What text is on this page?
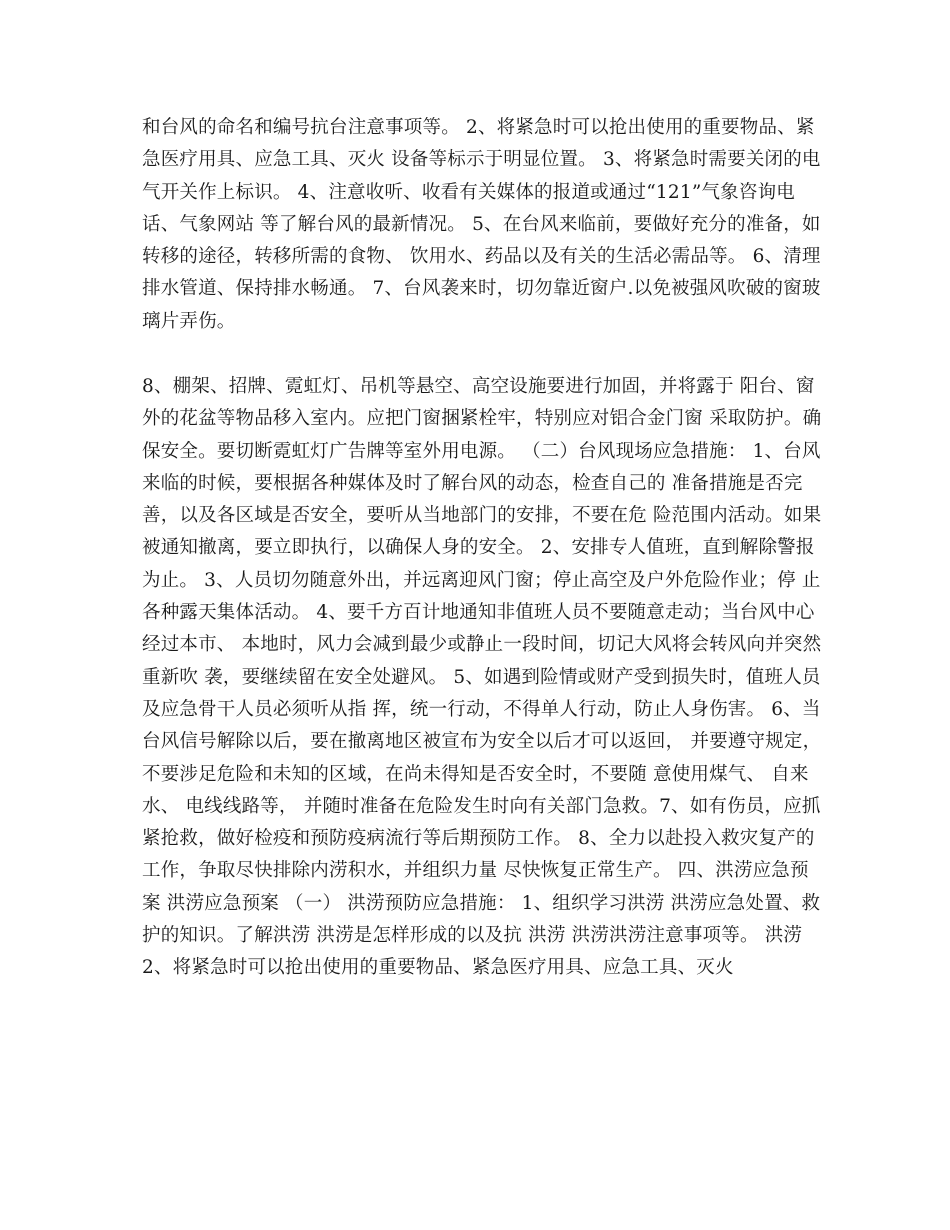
和台风的命名和编号抗台注意事项等。 2、将紧急时可以抢出使用的重要物品、紧急医疗用具、应急工具、灭火 设备等标示于明显位置。 3、将紧急时需要关闭的电气开关作上标识。 4、注意收听、收看有关媒体的报道或通过“121”气象咨询电话、气象网站 等了解台风的最新情况。 5、在台风来临前，要做好充分的准备，如转移的途径，转移所需的食物、 饮用水、药品以及有关的生活必需品等。 6、清理排水管道、保持排水畅通。 7、台风袭来时，切勿靠近窗户.以免被强风吹破的窗玻璃片弄伤。
8、棚架、招牌、霓虹灯、吊机等悬空、高空设施要进行加固，并将露于 阳台、窗外的花盆等物品移入室内。应把门窗捆紧栓牢，特别应对铝合金门窗 采取防护。确保安全。要切断霓虹灯广告牌等室外用电源。 （二）台风现场应急措施： 1、台风来临的时候，要根据各种媒体及时了解台风的动态，检查自己的 准备措施是否完善，以及各区域是否安全，要听从当地部门的安排，不要在危 险范围内活动。如果被通知撤离，要立即执行，以确保人身的安全。 2、安排专人值班，直到解除警报为止。 3、人员切勿随意外出，并远离迎风门窗；停止高空及户外危险作业；停 止各种露天集体活动。 4、要千方百计地通知非值班人员不要随意走动；当台风中心经过本市、 本地时，风力会减到最少或静止一段时间，切记大风将会转风向并突然重新吹 袭，要继续留在安全处避风。 5、如遇到险情或财产受到损失时，值班人员及应急骨干人员必须听从指 挥，统一行动，不得单人行动，防止人身伤害。 6、当台风信号解除以后，要在撤离地区被宣布为安全以后才可以返回， 并要遵守规定，不要涉足危险和未知的区域，在尚未得知是否安全时，不要随 意使用煤气、 自来水、 电线线路等， 并随时准备在危险发生时向有关部门急救。7、如有伤员，应抓紧抢救，做好检疫和预防疫病流行等后期预防工作。 8、全力以赴投入救灾复产的工作，争取尽快排除内涝积水，并组织力量 尽快恢复正常生产。 四、洪涝应急预案 洪涝应急预案 （一） 洪涝预防应急措施： 1、组织学习洪涝 洪涝应急处置、救护的知识。了解洪涝 洪涝是怎样形成的以及抗 洪涝 洪涝洪涝注意事项等。 洪涝 2、将紧急时可以抢出使用的重要物品、紧急医疗用具、应急工具、灭火
